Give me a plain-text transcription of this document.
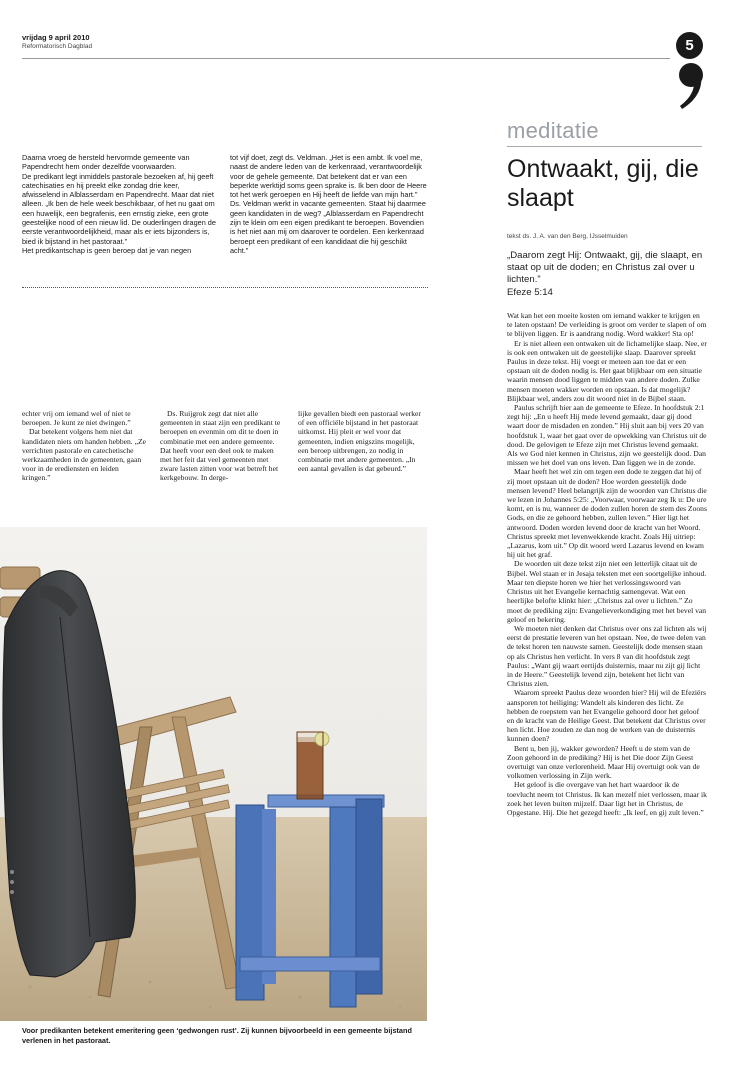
vrijdag 9 april 2010
Reformatorisch Dagblad	5

Daarna vroeg de hersteld hervormde gemeente van Papendrecht hem onder dezelfde voorwaarden.

De predikant legt inmiddels pastorale bezoeken af, hij geeft catechisaties en hij preekt elke zondag drie keer, afwisselend in Alblasserdam en Papendrecht. Maar dat niet alleen. „Ik ben de hele week beschikbaar, of het nu gaat om een huwelijk, een begrafenis, een ernstig zieke, een grote geestelijke nood of een nieuw lid. De ouderlingen dragen de eerste verantwoordelijkheid, maar als er iets bijzonders is, bied ik bijstand in het pastoraat.”

Het predikantschap is geen beroep dat je van negen

tot vijf doet, zegt ds. Veldman. „Het is een ambt. Ik voel me, naast de andere leden van de kerkenraad, verantwoordelijk voor de gehele gemeente. Dat betekent dat er van een beperkte werktijd soms geen sprake is. Ik ben door de Heere tot het werk geroepen en Hij heeft de liefde van mijn hart.”

Ds. Veldman werkt in vacante gemeenten. Staat hij daarmee geen kandidaten in de weg? „Alblasserdam en Papendrecht zijn te klein om een eigen predikant te beroepen. Bovendien is het niet aan mij om daarover te oordelen. Een kerkenraad beroept een predikant of een kandidaat die hij geschikt acht.”

echter vrij om iemand wel of niet te beroepen. Je kunt ze niet dwingen.”

Dat betekent volgens hem niet dat kandidaten niets om handen hebben. „Ze verrichten pastorale en catechetische werkzaamheden in de gemeenten, gaan voor in de erediensten en leiden kringen.”

Ds. Ruijgrok zegt dat niet alle gemeenten in staat zijn een predikant te beroepen en evenmin om dit te doen in combinatie met een andere gemeente. Dat heeft voor een deel ook te maken met het feit dat veel gemeenten met zware lasten zitten voor wat betreft het kerkgebouw. In derge-

lijke gevallen biedt een pastoraal werker of een officiële bijstand in het pastoraat uitkomst. Hij pleit er wel voor dat gemeenten, indien enigszins mogelijk, een beroep uitbrengen, zo nodig in combinatie met andere gemeenten. „In een aantal gevallen is dat gebeurd.”

Voor predikanten betekent emeritering geen ‘gedwongen rust’. Zij kunnen bijvoorbeeld in een gemeente bijstand verlenen in het pastoraat.
meditatie
Ontwaakt, gij, die slaapt
tekst ds. J. A. van den Berg, IJsselmuiden
„Daarom zegt Hij: Ontwaakt, gij, die slaapt, en staat op uit de doden; en Christus zal over u lichten.”
Efeze 5:14

Wat kan het een moeite kosten om iemand wakker te krijgen en te laten opstaan! De verleiding is groot om verder te slapen of om te blijven liggen. Er is aandrang nodig. Word wakker! Sta op!

Er is niet alleen een ontwaken uit de lichamelijke slaap. Nee, er is ook een ontwaken uit de geestelijke slaap. Daarover spreekt Paulus in deze tekst. Hij voegt er meteen aan toe dat er een opstaan uit de doden nodig is. Het gaat blijkbaar om een situatie waarin mensen dood liggen te midden van andere doden. Zulke mensen moeten wakker worden en opstaan. Is dat mogelijk? Blijkbaar wel, anders zou dit woord niet in de Bijbel staan.

Paulus schrijft hier aan de gemeente te Efeze. In hoofdstuk 2:1 zegt hij: „En u heeft Hij mede levend gemaakt, daar gij dood waart door de misdaden en zonden.” Hij sluit aan bij vers 20 van hoofdstuk 1, waar het gaat over de opwekking van Christus uit de dood. De gelovigen te Efeze zijn met Christus levend gemaakt. Als we God niet kennen in Christus, zijn we geestelijk dood. Dan missen we het doel van ons leven. Dan liggen we in de zonde.

Maar heeft het wel zin om tegen een dode te zeggen dat hij of zij moet opstaan uit de doden? Hoe worden geestelijk dode mensen levend? Heel belangrijk zijn de woorden van Christus die we lezen in Johannes 5:25: „Voorwaar, voorwaar zeg Ik u: De ure komt, en is nu, wanneer de doden zullen horen de stem des Zoons Gods, en die ze gehoord hebben, zullen leven.” Hier ligt het antwoord. Doden worden levend door de kracht van het Woord. Christus spreekt met levenwekkende kracht. Zoals Hij uitriep: „Lazarus, kom uit.” Op dit woord werd Lazarus levend en kwam hij uit het graf.

De woorden uit deze tekst zijn niet een letterlijk citaat uit de Bijbel. Wel staan er in Jesaja teksten met een soortgelijke inhoud. Maar ten diepste horen we hier het verlossingswoord van Christus uit het Evangelie kernachtig samengevat. Wat een heerlijke belofte klinkt hier: „Christus zal over u lichten.” Zo moet de prediking zijn: Evangelieverkondiging met het bevel van geloof en bekering.

We moeten niet denken dat Christus over ons zal lichten als wij eerst de prestatie leveren van het opstaan. Nee, de twee delen van de tekst horen ten nauwste samen. Geestelijk dode mensen staan op als Christus hen verlicht. In vers 8 van dit hoofdstuk zegt Paulus: „Want gij waart eertijds duisternis, maar nu zijt gij licht in de Heere.” Geestelijk levend zijn, betekent het licht van Christus zien.

Waarom spreekt Paulus deze woorden hier? Hij wil de Efeziërs aansporen tot heiliging: Wandelt als kinderen des licht. Ze hebben de roepstem van het Evangelie gehoord door het geloof en de kracht van de Heilige Geest. Dat betekent dat Christus over hen licht. Hoe zouden ze dan nog de werken van de duisternis kunnen doen?

Bent u, ben jij, wakker geworden? Heeft u de stem van de Zoon gehoord in de prediking? Hij is het Die door Zijn Geest overtuigt van onze verlorenheid. Maar Hij overtuigt ook van de volkomen verlossing in Zijn werk.

Het geloof is die overgave van het hart waardoor ik de toevlucht neem tot Christus. Ik kan mezelf niet verlossen, maar ik zoek het leven buiten mijzelf. Daar ligt het in Christus, de Opgestane. Hij. Die het gezegd heeft: „Ik leef, en gij zult leven.”
